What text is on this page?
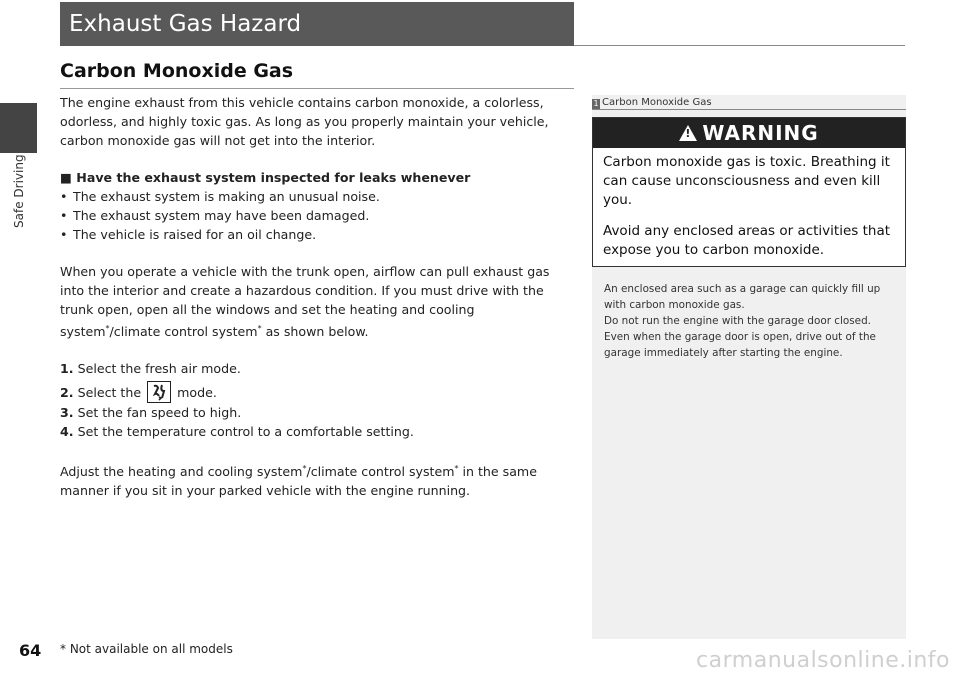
Safe Driving
Exhaust Gas Hazard
Carbon Monoxide Gas

The engine exhaust from this vehicle contains carbon monoxide, a colorless, odorless, and highly toxic gas. As long as you properly maintain your vehicle, carbon monoxide gas will not get into the interior.

■ Have the exhaust system inspected for leaks whenever

• The exhaust system is making an unusual noise.

• The exhaust system may have been damaged.

• The vehicle is raised for an oil change.

When you operate a vehicle with the trunk open, airflow can pull exhaust gas into the interior and create a hazardous condition. If you must drive with the trunk open, open all the windows and set the heating and cooling system*/climate control system* as shown below.

1. Select the fresh air mode.

2. Select the	mode.

3. Set the fan speed to high.

4. Set the temperature control to a comfortable setting.

Adjust the heating and cooling system*/climate control system* in the same manner if you sit in your parked vehicle with the engine running.

1 Carbon Monoxide Gas
!WARNING

Carbon monoxide gas is toxic. Breathing it can cause unconsciousness and even kill you.

Avoid any enclosed areas or activities that expose you to carbon monoxide.

An enclosed area such as a garage can quickly fill up with carbon monoxide gas.

Do not run the engine with the garage door closed. Even when the garage door is open, drive out of the garage immediately after starting the engine.

64 * Not available on all models	carmanualsonline.info
